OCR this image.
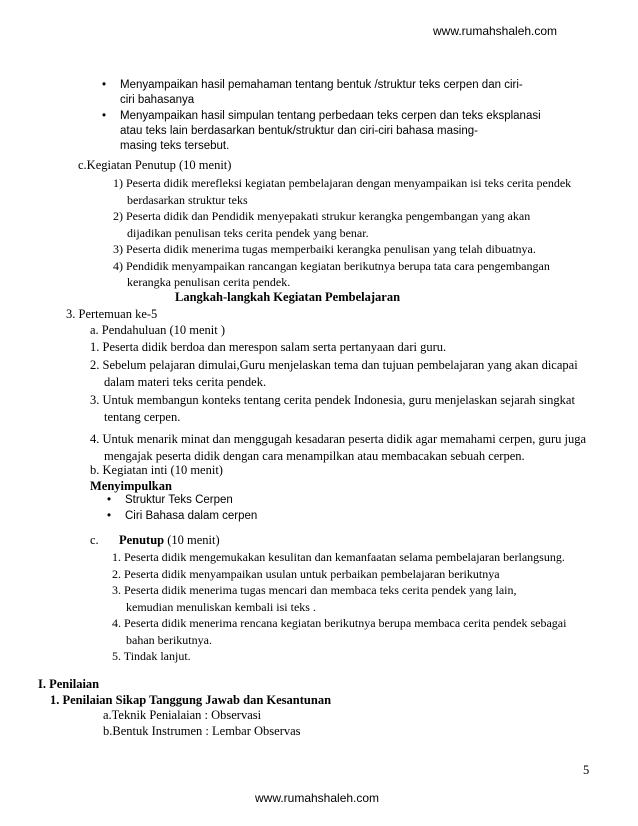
www.rumahshaleh.com
• Menyampaikan hasil pemahaman tentang bentuk /struktur teks cerpen dan ciri-
ciri bahasanya
• Menyampaikan hasil simpulan tentang perbedaan teks cerpen dan teks eksplanasi
atau teks lain berdasarkan bentuk/struktur dan ciri-ciri bahasa masing-
masing teks tersebut.
c.Kegiatan Penutup (10 menit)
1) Peserta didik merefleksi kegiatan pembelajaran dengan menyampaikan isi teks cerita pendek
berdasarkan struktur teks
2) Peserta didik dan Pendidik menyepakati strukur kerangka pengembangan yang akan
dijadikan penulisan teks cerita pendek yang benar.
3) Peserta didik menerima tugas memperbaiki kerangka penulisan yang telah dibuatnya.
4) Pendidik menyampaikan rancangan kegiatan berikutnya berupa tata cara pengembangan
kerangka penulisan cerita pendek.
Langkah-langkah Kegiatan Pembelajaran
3. Pertemuan ke-5
a. Pendahuluan (10 menit )
1. Peserta didik berdoa dan merespon salam serta pertanyaan dari guru.
2. Sebelum pelajaran dimulai,Guru menjelaskan tema dan tujuan pembelajaran yang akan dicapai
dalam materi teks cerita pendek.
3. Untuk membangun konteks tentang cerita pendek Indonesia, guru menjelaskan sejarah singkat
tentang cerpen.
4. Untuk menarik minat dan menggugah kesadaran peserta didik agar memahami cerpen, guru juga
mengajak peserta didik dengan cara menampilkan atau membacakan sebuah cerpen.
b. Kegiatan inti (10 menit)
Menyimpulkan
• Struktur Teks Cerpen
• Ciri Bahasa dalam cerpen
c. Penutup (10 menit)
1. Peserta didik mengemukakan kesulitan dan kemanfaatan selama pembelajaran berlangsung.
2. Peserta didik menyampaikan usulan untuk perbaikan pembelajaran berikutnya
3. Peserta didik menerima tugas mencari dan membaca teks cerita pendek yang lain,
kemudian menuliskan kembali isi teks .
4. Peserta didik menerima rencana kegiatan berikutnya berupa membaca cerita pendek sebagai
bahan berikutnya.
5. Tindak lanjut.
I. Penilaian
1. Penilaian Sikap Tanggung Jawab dan Kesantunan
a.Teknik Penialaian : Observasi
b.Bentuk Instrumen : Lembar Observas
5
www.rumahshaleh.com
